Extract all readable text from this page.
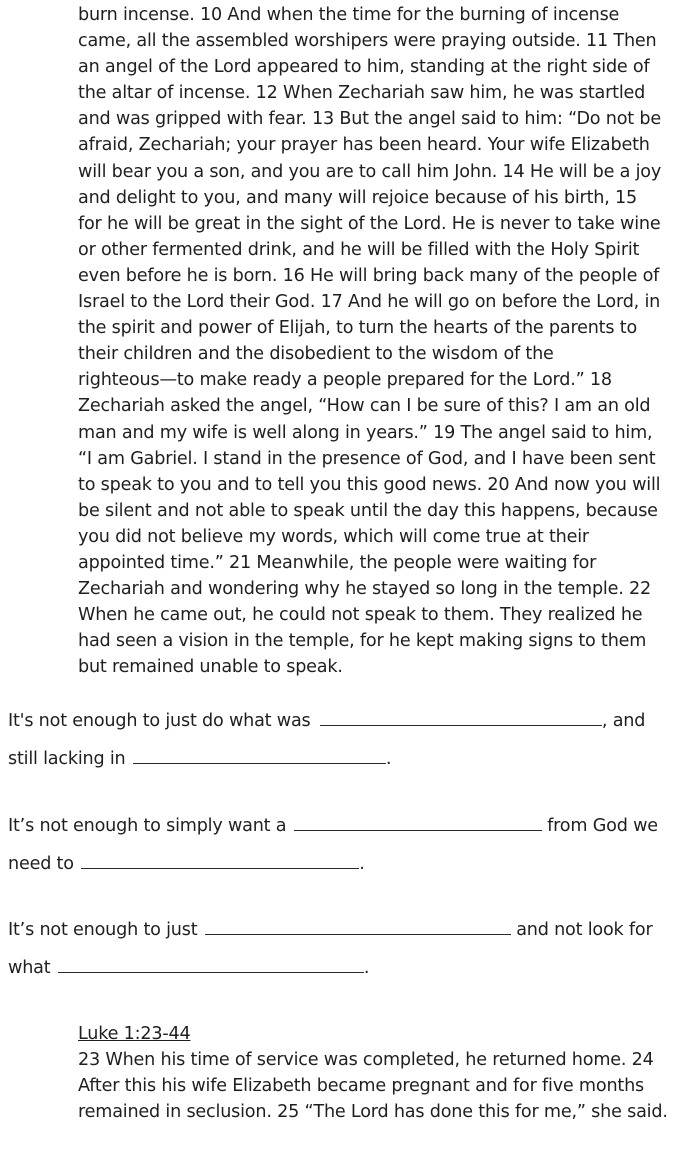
burn incense. 10 And when the time for the burning of incense
came, all the assembled worshipers were praying outside. 11 Then
an angel of the Lord appeared to him, standing at the right side of
the altar of incense. 12 When Zechariah saw him, he was startled
and was gripped with fear. 13 But the angel said to him: “Do not be
afraid, Zechariah; your prayer has been heard. Your wife Elizabeth
will bear you a son, and you are to call him John. 14 He will be a joy
and delight to you, and many will rejoice because of his birth, 15
for he will be great in the sight of the Lord. He is never to take wine
or other fermented drink, and he will be filled with the Holy Spirit
even before he is born. 16 He will bring back many of the people of
Israel to the Lord their God. 17 And he will go on before the Lord, in
the spirit and power of Elijah, to turn the hearts of the parents to
their children and the disobedient to the wisdom of the
righteous—to make ready a people prepared for the Lord.” 18
Zechariah asked the angel, “How can I be sure of this? I am an old
man and my wife is well along in years.” 19 The angel said to him,
“I am Gabriel. I stand in the presence of God, and I have been sent
to speak to you and to tell you this good news. 20 And now you will
be silent and not able to speak until the day this happens, because
you did not believe my words, which will come true at their
appointed time.” 21 Meanwhile, the people were waiting for
Zechariah and wondering why he stayed so long in the temple. 22
When he came out, he could not speak to them. They realized he
had seen a vision in the temple, for he kept making signs to them
but remained unable to speak.
It's not enough to just do what was	, and
still lacking in	.
It’s not enough to simply want a	from God we
need to	.
It’s not enough to just	and not look for
what	.
Luke 1:23-44
23 When his time of service was completed, he returned home. 24
After this his wife Elizabeth became pregnant and for five months
remained in seclusion. 25 “The Lord has done this for me,” she said.
